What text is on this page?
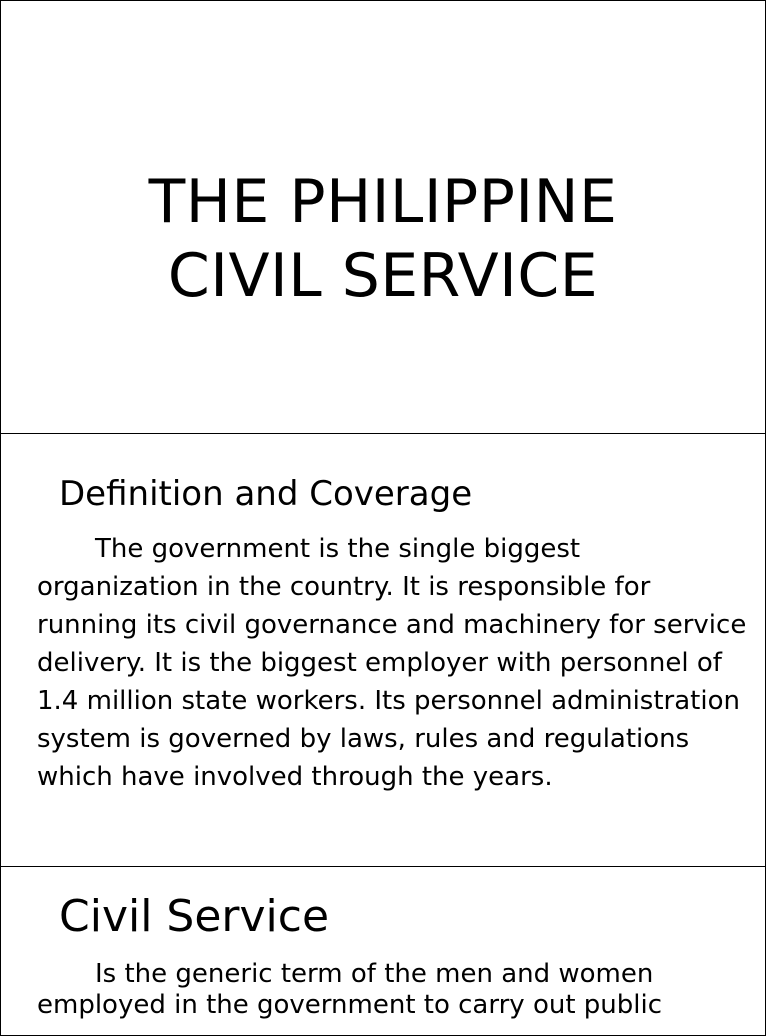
THE PHILIPPINE
CIVIL SERVICE
Definition and Coverage

The government is the single biggest organization in the country. It is responsible for running its civil governance and machinery for service delivery. It is the biggest employer with personnel of 1.4 million state workers. Its personnel administration system is governed by laws, rules and regulations which have involved through the years.

Civil Service

Is the generic term of the men and women employed in the government to carry out public
